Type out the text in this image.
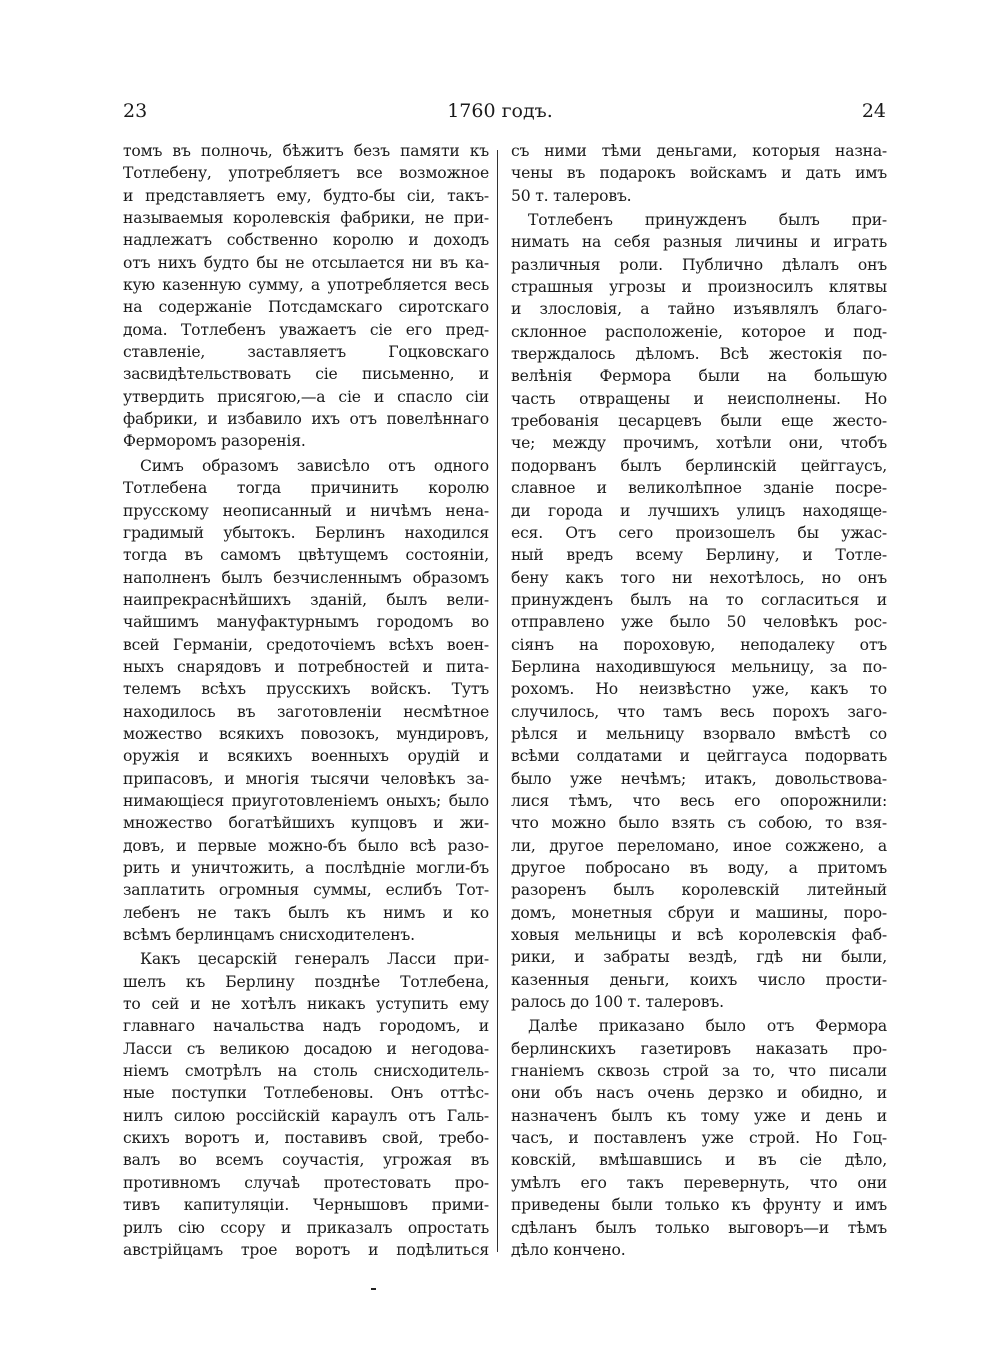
23	1760 годъ.	24
томъ въ полночь, бѣжитъ безъ памяти къ
Тотлебену, употребляетъ все возможное
и представляетъ ему, будто-бы сіи, такъ-
называемыя королевскія фабрики, не при-
надлежатъ собственно королю и доходъ
отъ нихъ будто бы не отсылается ни въ ка-
кую казенную сумму, а употребляется весь
на содержаніе Потсдамскаго сиротскаго
дома. Тотлебенъ уважаетъ сіе его пред-
ставленіе, заставляетъ Гоцковскаго
засвидѣтельствовать сіе письменно, и
утвердить присягою,—а сіе и спасло сіи
фабрики, и избавило ихъ отъ повелѣннаго
Ферморомъ разоренія.
Симъ образомъ зависѣло отъ одного
Тотлебена тогда причинить королю
прусскому неописанный и ничѣмъ нена-
градимый убытокъ. Берлинъ находился
тогда въ самомъ цвѣтущемъ состояніи,
наполненъ былъ безчисленнымъ образомъ
наипрекраснѣйшихъ зданій, былъ вели-
чайшимъ мануфактурнымъ городомъ во
всей Германіи, средоточіемъ всѣхъ воен-
ныхъ снарядовъ и потребностей и пита-
телемъ всѣхъ прусскихъ войскъ. Тутъ
находилось въ заготовленіи несмѣтное
можество всякихъ повозокъ, мундировъ,
оружія и всякихъ военныхъ орудій и
припасовъ, и многія тысячи человѣкъ за-
нимающіеся приуготовленіемъ оныхъ; было
множество богатѣйшихъ купцовъ и жи-
довъ, и первые можно-бъ было всѣ разо-
рить и уничтожить, а послѣдніе могли-бъ
заплатить огромныя суммы, еслибъ Тот-
лебенъ не такъ былъ къ нимъ и ко
всѣмъ берлинцамъ снисходителенъ.
Какъ цесарскій генералъ Ласси при-
шелъ къ Берлину позднѣе Тотлебена,
то сей и не хотѣлъ никакъ уступить ему
главнаго начальства надъ городомъ, и
Ласси съ великою досадою и негодова-
ніемъ смотрѣлъ на столь снисходитель-
ные поступки Тотлебеновы. Онъ оттѣс-
нилъ силою россійскій караулъ отъ Галь-
скихъ воротъ и, поставивъ свой, требо-
валъ во всемъ соучастія, угрожая въ
противномъ случаѣ протестовать про-
тивъ капитуляціи. Чернышовъ прими-
рилъ сію ссору и приказалъ опростать
австрійцамъ трое воротъ и подѣлиться
съ ними тѣми деньгами, которыя назна-
чены въ подарокъ войскамъ и дать имъ
50 т. талеровъ.
Тотлебенъ принужденъ былъ при-
нимать на себя разныя личины и играть
различныя роли. Публично дѣлалъ онъ
страшныя угрозы и произносилъ клятвы
и злословія, а тайно изъявлялъ благо-
склонное расположеніе, которое и под-
тверждалось дѣломъ. Всѣ жестокія по-
велѣнія Фермора были на большую
часть отвращены и неисполнены. Но
требованія цесарцевъ были еще жесто-
че; между прочимъ, хотѣли они, чтобъ
подорванъ былъ берлинскій цейггаусъ,
славное и великолѣпное зданіе посре-
ди города и лучшихъ улицъ находяще-
еся. Отъ сего произошелъ бы ужас-
ный вредъ всему Берлину, и Тотле-
бену какъ того ни нехотѣлось, но онъ
принужденъ былъ на то согласиться и
отправлено уже было 50 человѣкъ рос-
сіянъ на пороховую, неподалеку отъ
Берлина находившуюся мельницу, за по-
рохомъ. Но неизвѣстно уже, какъ то
случилось, что тамъ весь порохъ заго-
рѣлся и мельницу взорвало вмѣстѣ со
всѣми солдатами и цейггауса подорвать
было уже нечѣмъ; итакъ, довольствова-
лися тѣмъ, что весь его опорожнили:
что можно было взять съ собою, то взя-
ли, другое переломано, иное сожжено, а
другое побросано въ воду, а притомъ
разоренъ былъ королевскій литейный
домъ, монетныя сбруи и машины, поро-
ховыя мельницы и всѣ королевскія фаб-
рики, и забраты вездѣ, гдѣ ни были,
казенныя деньги, коихъ число прости-
ралось до 100 т. талеровъ.
Далѣе приказано было отъ Фермора
берлинскихъ газетировъ наказать про-
гнаніемъ сквозь строй за то, что писали
они объ насъ очень дерзко и обидно, и
назначенъ былъ къ тому уже и день и
часъ, и поставленъ уже строй. Но Гоц-
ковскій, вмѣшавшись и въ сіе дѣло,
умѣлъ его такъ перевернуть, что они
приведены были только къ фрунту и имъ
сдѣланъ былъ только выговоръ—и тѣмъ
дѣло кончено.
